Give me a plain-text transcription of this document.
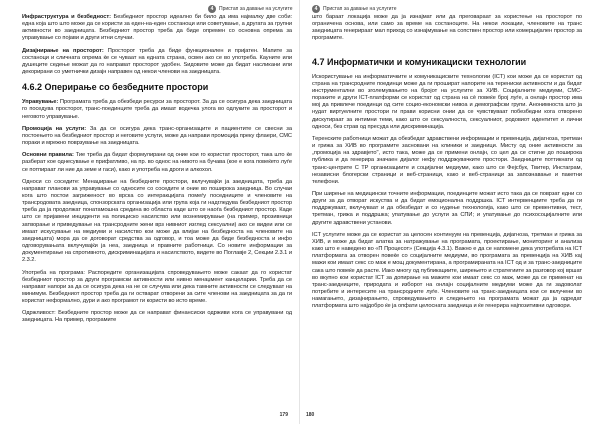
4	Пристап за давање на услугите

Инфраструктура и безбедност: Безбедниот простор идеално би било да има најмалку две соби: една која што што може да се користи за еден-на-еден состаноци или советување, а другата за групни активности во заедницата. Безбедниот простор треба да биде опремен со основна опрема за управување со појави и други итни случаи.

Дизајнирање на просторот: Просторот треба да биде функционален и пријатен. Мапите за состаноци и сличната опрема ќе се чуваат на едната страна, освен ако се во употреба. Кауните или душеците седење можат да го направат просторот удобен. Ѕидовите може да бидат насликани или декорирани со уметнички дизајн направен од некои членови на заедницата.

4.6.2 Оперирање со безбедните простори

Управување: Програмата треба да обезбеди ресурси за просторот. За да се осигура дека заедницата го поседува просторот, транс-поединците треба да имаат водечка улога во одлуките за просторот и неговото управување.

Промоција на услуги: За да се осигура дека транс-организаците и пациентите се свесни за постоењето на безбедниот простор и неговите услуги, може да направи промоција преку флаери, СМС пораки и мрежно поврзување на заедницата.

Основни правила: Тие треба да бидат формулирани од оние кои го користат просторот, така што ќе разберат кое однесување е прифатливо, на пр. во однос на нивото на бучава (кое е кога повеќето луѓе се потпираат ли ние да земе и гаси), како и употреба на дроги и алкохол.

Односи со соседите: Менаџирање на безбедните простори, вклучувајќи ја заедницата, треба да направат планови за управување со односите со соседите и оние во поширока заедница. Во случаи кога што постои загриженост во врска со интеракцијата помеѓу поседниците и членовите на трансродовата заедница, спонзорската организација или група која ги надгледува безбедниот простор треба да ја продолжат понатамошна средина во областа каде што се наоѓа безбедниот простор. Каде што се пријавени инциденти на полициско насилство или вознемирување (на пример, прозивници затворање и приведување на трансродните жени врз нивниот изглед сексуални) ако се видеи или се имаат искусување на медиуми и насилство кои може да влијае на безбедноста на членовите на заедницата) мора да се договорат средства за одговор, и тоа може да биде безбедноста и инфо одговорувањата вклучувајќи ја неа, заедница и правните работници. Со новите информации за документирање на спротивното, дискриминацијата и насилството, видете во Поглавје 2, Секции 2.3.1 и 2.3.2.

Употреба на програма: Распоредите организацијата спроведувањето може сакаат да го користат безбедниот простор за други програмски активности или нивно менаџмент канцеларии. Треба да се направат напори за да се осигура дека на не се случува или дека тамните активности се следуваат на минимум. Безбедниот простор треба да ги остварат отворени за сите членови на заедницата за да ги користат неформално, дури и ако програмот ги користи во исто време.

Одржливост: Безбедните простор може да се направат финансиски одрживи кога се управувани од заедницата. На пример, програмите

179
4	Пристап за давање на услугите

што бараат локација може да ја изнајмат или да преговараат за користење на просторот по ограничена основа, или само за време на состаноците. На некои локации, членовите на транс заедницата генерираат мал приход со изнајмување на сопствен простор или комерцијален простор за програмите.

4.7 Информатички и комуникациски технологии

Искористување на информатичките и комуникациските технологии (ICT) кои може да се користат од страна на трансродните поединци може да ги прошират напорите на терениски активности и да бидат инструментални во зголемувањето на бројот на услугите за ХИВ. Социјалните медиуми, СМС-пораките и други ICT-платформи се користат од страна на сè повеќе број луѓе, а онлајн простор има мој да привлече поединци од сите социо-економски нивоа и демографски групи. Анонимноста што ја нудат виртуелните простори ги прави корисни онии да се чувствуваат побезбедни кога отворено дискутираат за интимни теми, како што се сексуалноста, сексуалниот, родовиот идентитет и лични односи, без страв од пресуда или дискриминација.

Теренските работници можат да обезбедат здравствени информации и превенција, дијагноза, третман и грижа за ХИВ во програмите засновани на клиники и заедници. Мисту од оние активности за „промоција на здравјето", исто така, може да се примени онлајн, со цел да се стигне до поширока публика и да генерира значаен дијалог нефу поддржувачките простори. Заедниците поттикнати од транс-центрите C ТР организациите и социјални медиуми, како што се Фејсбук, Твитер, Инстаграм, независни блогерски страници и веб-страници, како и веб-страници за запознавање и пакетни телефони.

При ширење на медицински точните информации, поединците можат исто така да се поврзат едни со други за да отворат искуства и да бидат емоционална поддршка. ICT интервенциите треба да ги поддржуваат, вклучуваат и да обезбедат и со нудење технологија, како што се превентивни, тест, третман, грижа и поддршка; упатување до услуги за СПИ; и упатување до психосоцијалните или другите здравствени установи.

ICT услугите може да се користат за целосен континуум на превенција, дијагноза, третман и грижа за ХИВ, и може да бидат алатка за натражување на програмата, проектирање, мониторинг и анализа како што е наведено во «П Процесот» (Секција 4.3.1). Важно е да се напомене дека употребата на ICT платформата за отворен повеќе со социјалните медиуми, во програмата за превенција на ХИВ кај мажи кои имаат секс со маж е мощ документирана, а програмираната на ICT од и за транс-заедниците сака што повеќе да расте. Иако многу од публикациите, ширењето и стратегиите за разговор кој вршат во вкупно кои користат ICT за допирање на мажите кои имаат секс со маж, може да се применат на транс-заедниците, природата и изборот на онлајн социјалните медиуми може да ги задоволат потребите и интересите на трансродните луѓе. Членовите на транс-заедницата кои се вклучени во намагањето, дизајнирањето, спроведувањето и следењето на програмата можат да ја одредат платформата што најдобро ќе ја опфати целосната заедница и ќе генерира најпозитивни одговори.

180
